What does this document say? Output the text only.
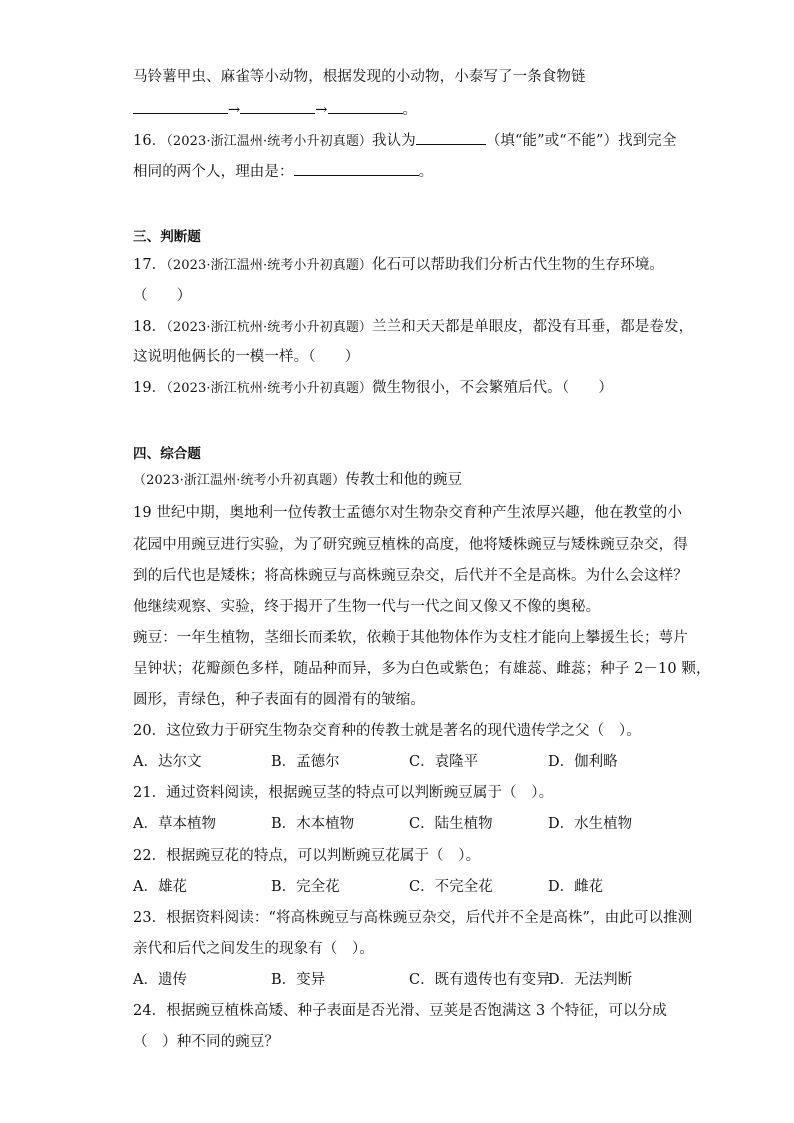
马铃薯甲虫、麻雀等小动物，根据发现的小动物，小泰写了一条食物链
→	→	。
16．（2023·浙江温州·统考小升初真题）我认为	（填“能”或“不能”）找到完全
相同的两个人，理由是：	。
三、判断题
17．（2023·浙江温州·统考小升初真题）化石可以帮助我们分析古代生物的生存环境。
（　　）
18．（2023·浙江杭州·统考小升初真题）兰兰和天天都是单眼皮，都没有耳垂，都是卷发，
这说明他俩长的一模一样。（　　）
19．（2023·浙江杭州·统考小升初真题）微生物很小，不会繁殖后代。（　　）
四、综合题
（2023·浙江温州·统考小升初真题）传教士和他的豌豆
19 世纪中期，奥地利一位传教士孟德尔对生物杂交育种产生浓厚兴趣，他在教堂的小
花园中用豌豆进行实验，为了研究豌豆植株的高度，他将矮株豌豆与矮株豌豆杂交，得
到的后代也是矮株；将高株豌豆与高株豌豆杂交，后代并不全是高株。为什么会这样？
他继续观察、实验，终于揭开了生物一代与一代之间又像又不像的奥秘。
豌豆：一年生植物，茎细长而柔软，依赖于其他物体作为支柱才能向上攀援生长；萼片
呈钟状；花瓣颜色多样，随品种而异，多为白色或紫色；有雄蕊、雌蕊；种子 2－10 颗，
圆形，青绿色，种子表面有的圆滑有的皱缩。
20．这位致力于研究生物杂交育种的传教士就是著名的现代遗传学之父（　）。
A．达尔文	B．孟德尔	C．袁隆平	D．伽利略
21．通过资料阅读，根据豌豆茎的特点可以判断豌豆属于（　）。
A．草本植物	B．木本植物	C．陆生植物	D．水生植物
22．根据豌豆花的特点，可以判断豌豆花属于（　）。
A．雄花	B．完全花	C．不完全花	D．雌花
23．根据资料阅读：“将高株豌豆与高株豌豆杂交，后代并不全是高株”，由此可以推测
亲代和后代之间发生的现象有（　）。
A．遗传	B．变异	C．既有遗传也有变异
D．无法判断
24．根据豌豆植株高矮、种子表面是否光滑、豆荚是否饱满这 3 个特征，可以分成
（　）种不同的豌豆？
